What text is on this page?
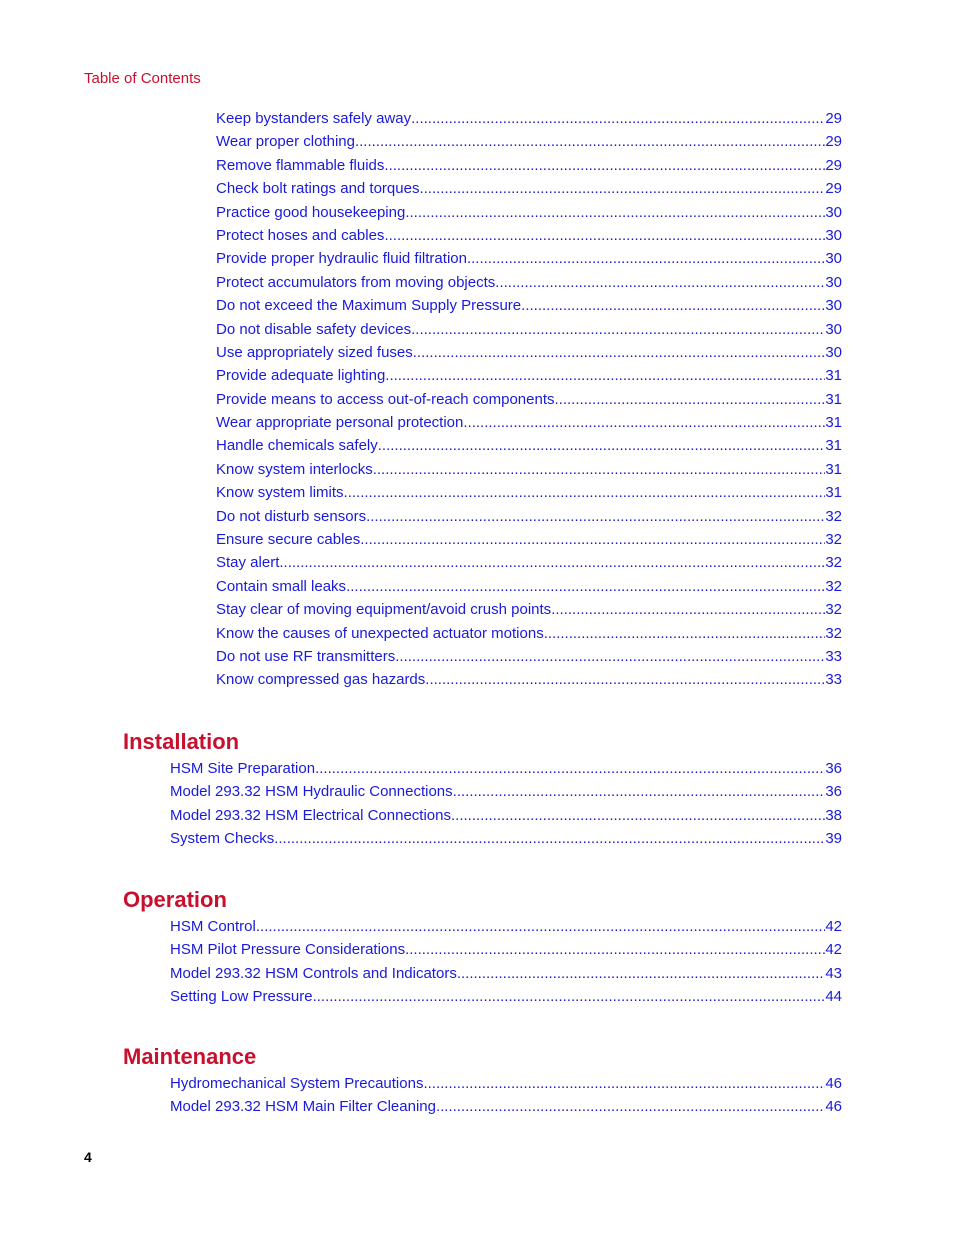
Table of Contents
Keep bystanders safely away .....	29
Wear proper clothing .....	29
Remove flammable fluids .....	29
Check bolt ratings and torques .....	29
Practice good housekeeping .....	30
Protect hoses and cables .....	30
Provide proper hydraulic fluid filtration .....	30
Protect accumulators from moving objects .....	30
Do not exceed the Maximum Supply Pressure .....	30
Do not disable safety devices .....	30
Use appropriately sized fuses .....	30
Provide adequate lighting .....	31
Provide means to access out-of-reach components .....	31
Wear appropriate personal protection .....	31
Handle chemicals safely .....	31
Know system interlocks .....	31
Know system limits .....	31
Do not disturb sensors .....	32
Ensure secure cables .....	32
Stay alert .....	32
Contain small leaks .....	32
Stay clear of moving equipment/avoid crush points .....	32
Know the causes of unexpected actuator motions .....	32
Do not use RF transmitters .....	33
Know compressed gas hazards .....	33
Installation
HSM Site Preparation .....	36
Model 293.32 HSM Hydraulic Connections .....	36
Model 293.32 HSM Electrical Connections .....	38
System Checks .....	39
Operation
HSM Control .....	42
HSM Pilot Pressure Considerations .....	42
Model 293.32 HSM Controls and Indicators .....	43
Setting Low Pressure .....	44
Maintenance
Hydromechanical System Precautions .....	46
Model 293.32 HSM Main Filter Cleaning .....	46
4
